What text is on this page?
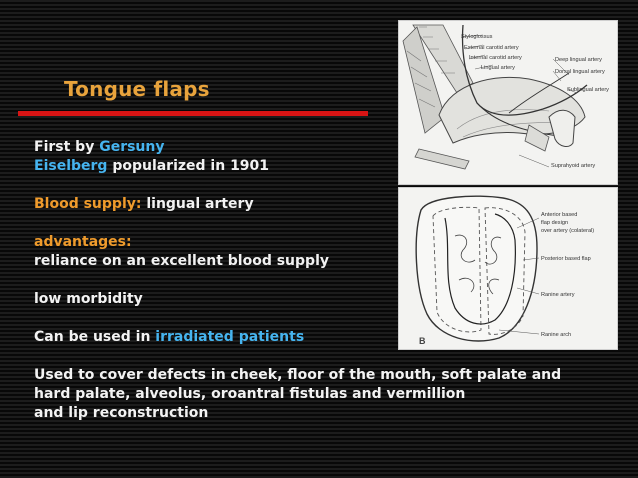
Tongue flaps
Styloglossus
External carotid artery
Internal carotid artery
Lingual artery
Deep lingual artery
Dorsal lingual artery
Sublingual artery
Suprahyoid artery
Anterior based
flap design
over artery (colateral)
Posterior based flap
Ranine artery
Ranine arch
B
First by Gersuny
Eiselberg popularized in 1901
Blood supply: lingual artery
advantages:
reliance on an excellent blood supply
low morbidity
Can be used in irradiated patients
Used to cover defects in cheek, floor of the mouth, soft palate and
hard palate, alveolus, oroantral fistulas and vermillion
and lip reconstruction
